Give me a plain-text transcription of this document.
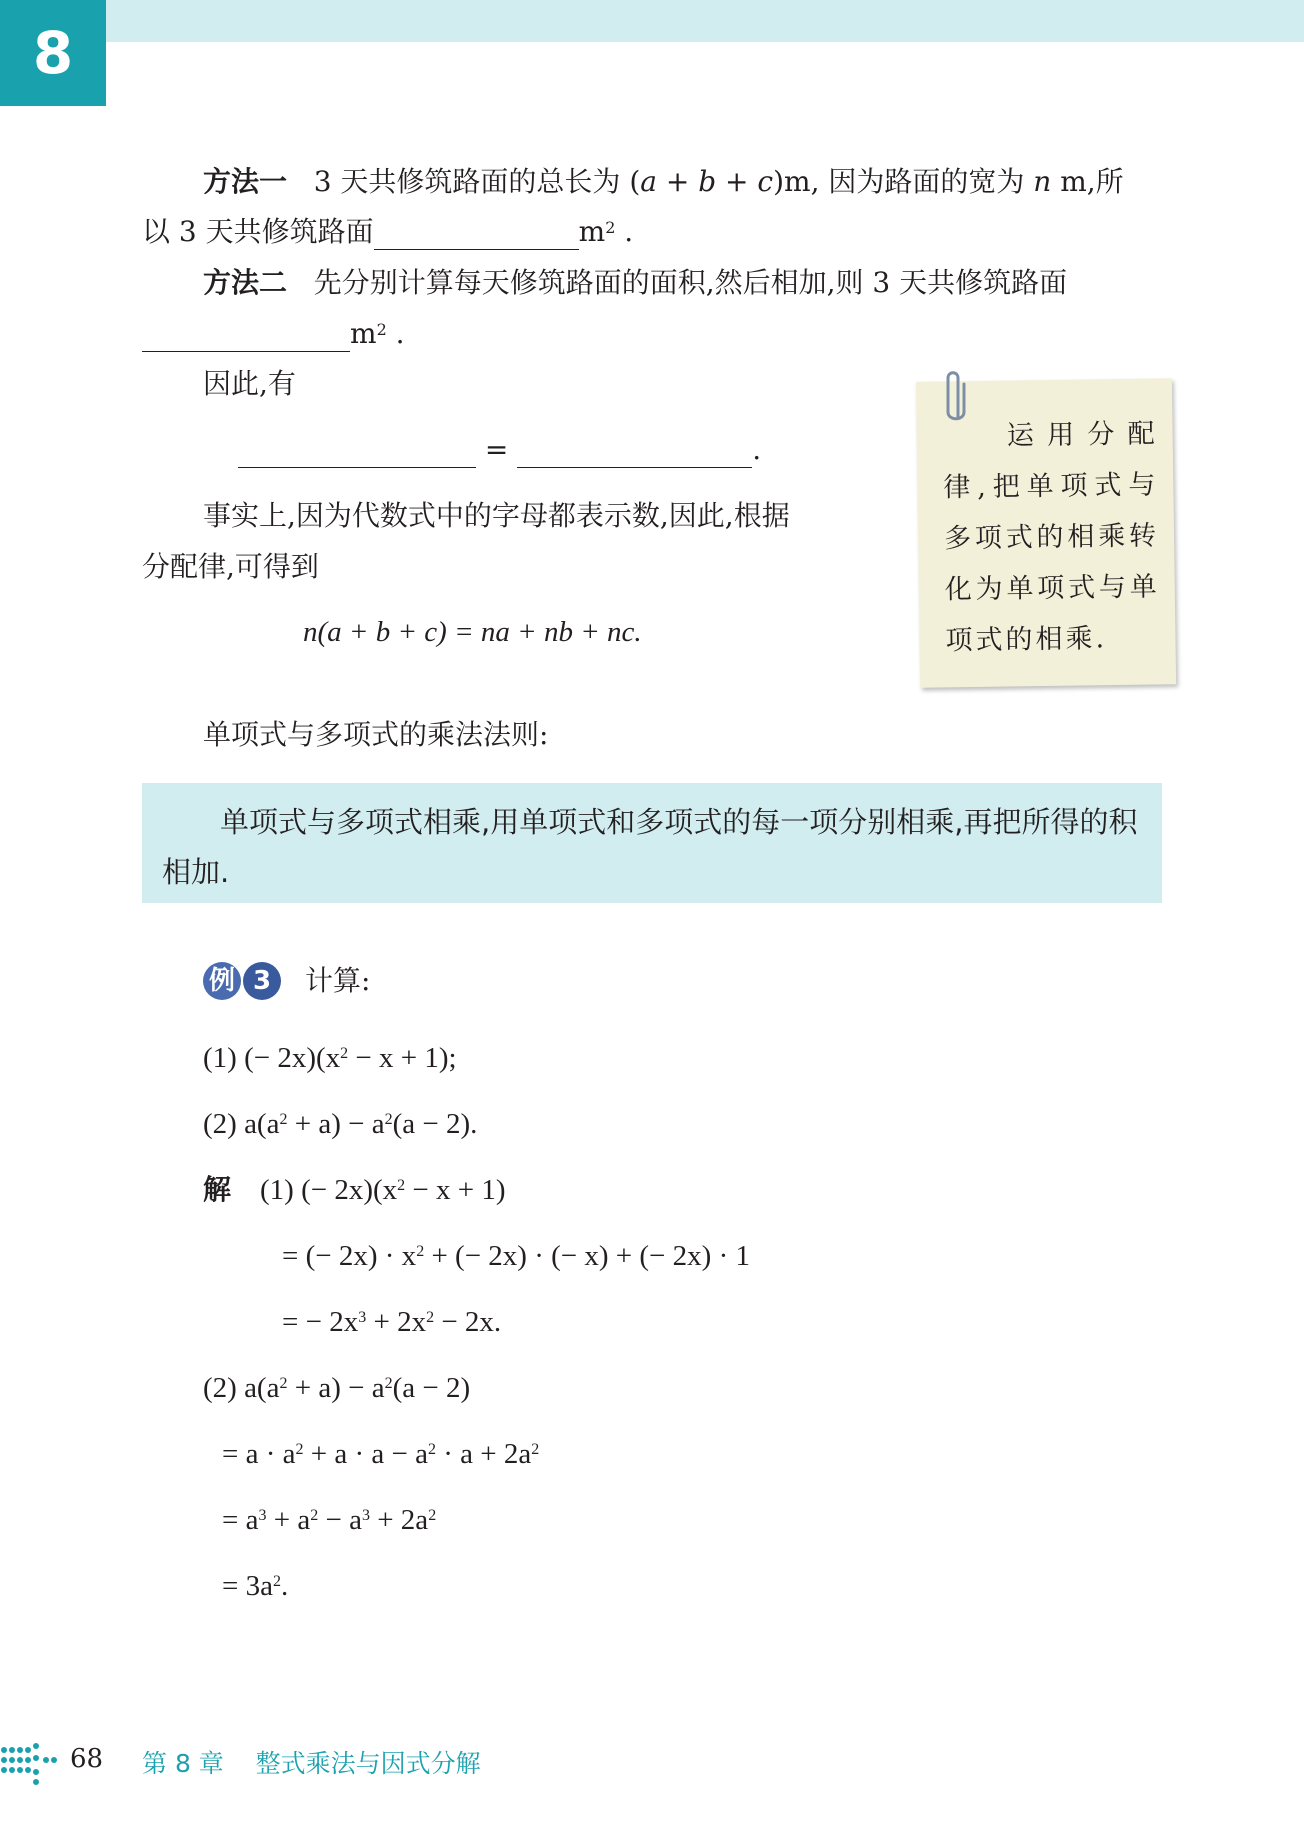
8
方法一 3 天共修筑路面的总长为 (a + b + c)m, 因为路面的宽为 n m,所
以 3 天共修筑路面	$m^2$ .
方法二 先分别计算每天修筑路面的面积,然后相加,则 3 天共修筑路面
$m^2$ .
因此,有
=	.
事实上,因为代数式中的字母都表示数,因此,根据
分配律,可得到
n(a + b + c) = na + nb + nc.
运用分配律,把单项式与多项式的相乘转化为单项式与单项式的相乘.
单项式与多项式的乘法法则:
单项式与多项式相乘,用单项式和多项式的每一项分别相乘,再把所得的积相加.
例 3	计算:
(1) (− $2x)(x^2 - x + 1)$;
(2) $a(a^2 + a) - a^2(a - 2)$.
解 (1) (− $2x)(x^2 - x + 1)$
= (− $2x) \cdot x^2$ + (− 2x) · (− x) + (− 2x) · 1
= − $2x^3 + 2x^2 - 2x$.
(2) $a(a^2 + a) - a^2(a - 2)$
= $a \cdot a^2 + a \cdot a - a^2 \cdot a + 2a^2$
= $a^3 + a^2 - a^3 + 2a^2$
= $3a^2$.
68 第 8 章    整式乘法与因式分解
